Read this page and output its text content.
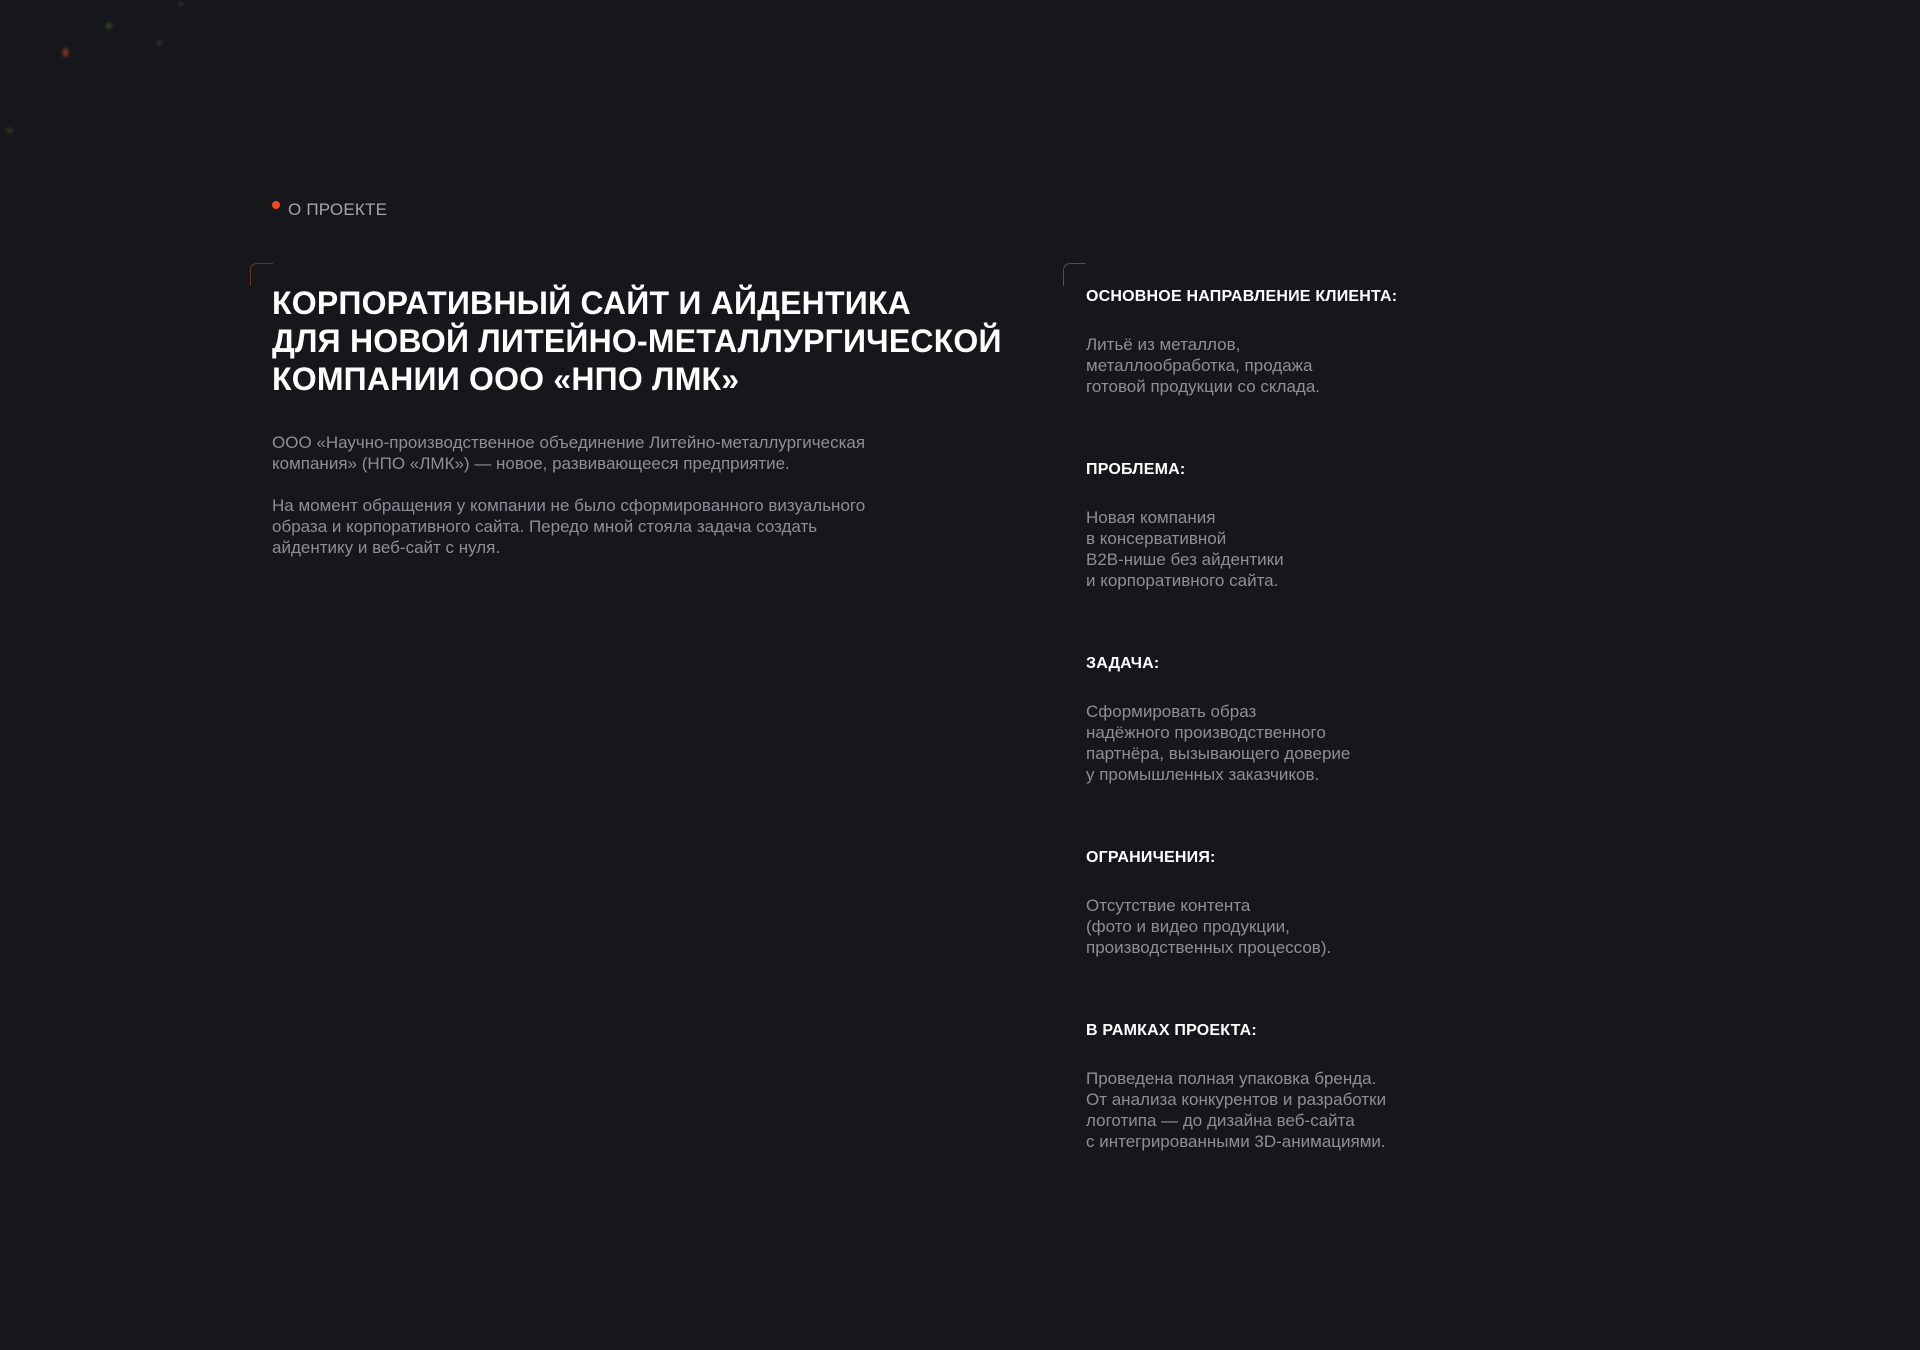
О ПРОЕКТЕ
КОРПОРАТИВНЫЙ САЙТ И АЙДЕНТИКА
ДЛЯ НОВОЙ ЛИТЕЙНО-МЕТАЛЛУРГИЧЕСКОЙ
КОМПАНИИ ООО «НПО ЛМК»

ООО «Научно-производственное объединение Литейно-металлургическая
компания» (НПО «ЛМК») — новое, развивающееся предприятие.

На момент обращения у компании не было сформированного визуального
образа и корпоративного сайта. Передо мной стояла задача создать
айдентику и веб-сайт с нуля.

ОСНОВНОЕ НАПРАВЛЕНИЕ КЛИЕНТА:

Литьё из металлов,
металлообработка, продажа
готовой продукции со склада.

ПРОБЛЕМА:

Новая компания
в консервативной
B2B-нише без айдентики
и корпоративного сайта.

ЗАДАЧА:

Сформировать образ
надёжного производственного
партнёра, вызывающего доверие
у промышленных заказчиков.

ОГРАНИЧЕНИЯ:

Отсутствие контента
(фото и видео продукции,
производственных процессов).

В РАМКАХ ПРОЕКТА:

Проведена полная упаковка бренда.
От анализа конкурентов и разработки
логотипа — до дизайна веб-сайта
с интегрированными 3D-анимациями.
